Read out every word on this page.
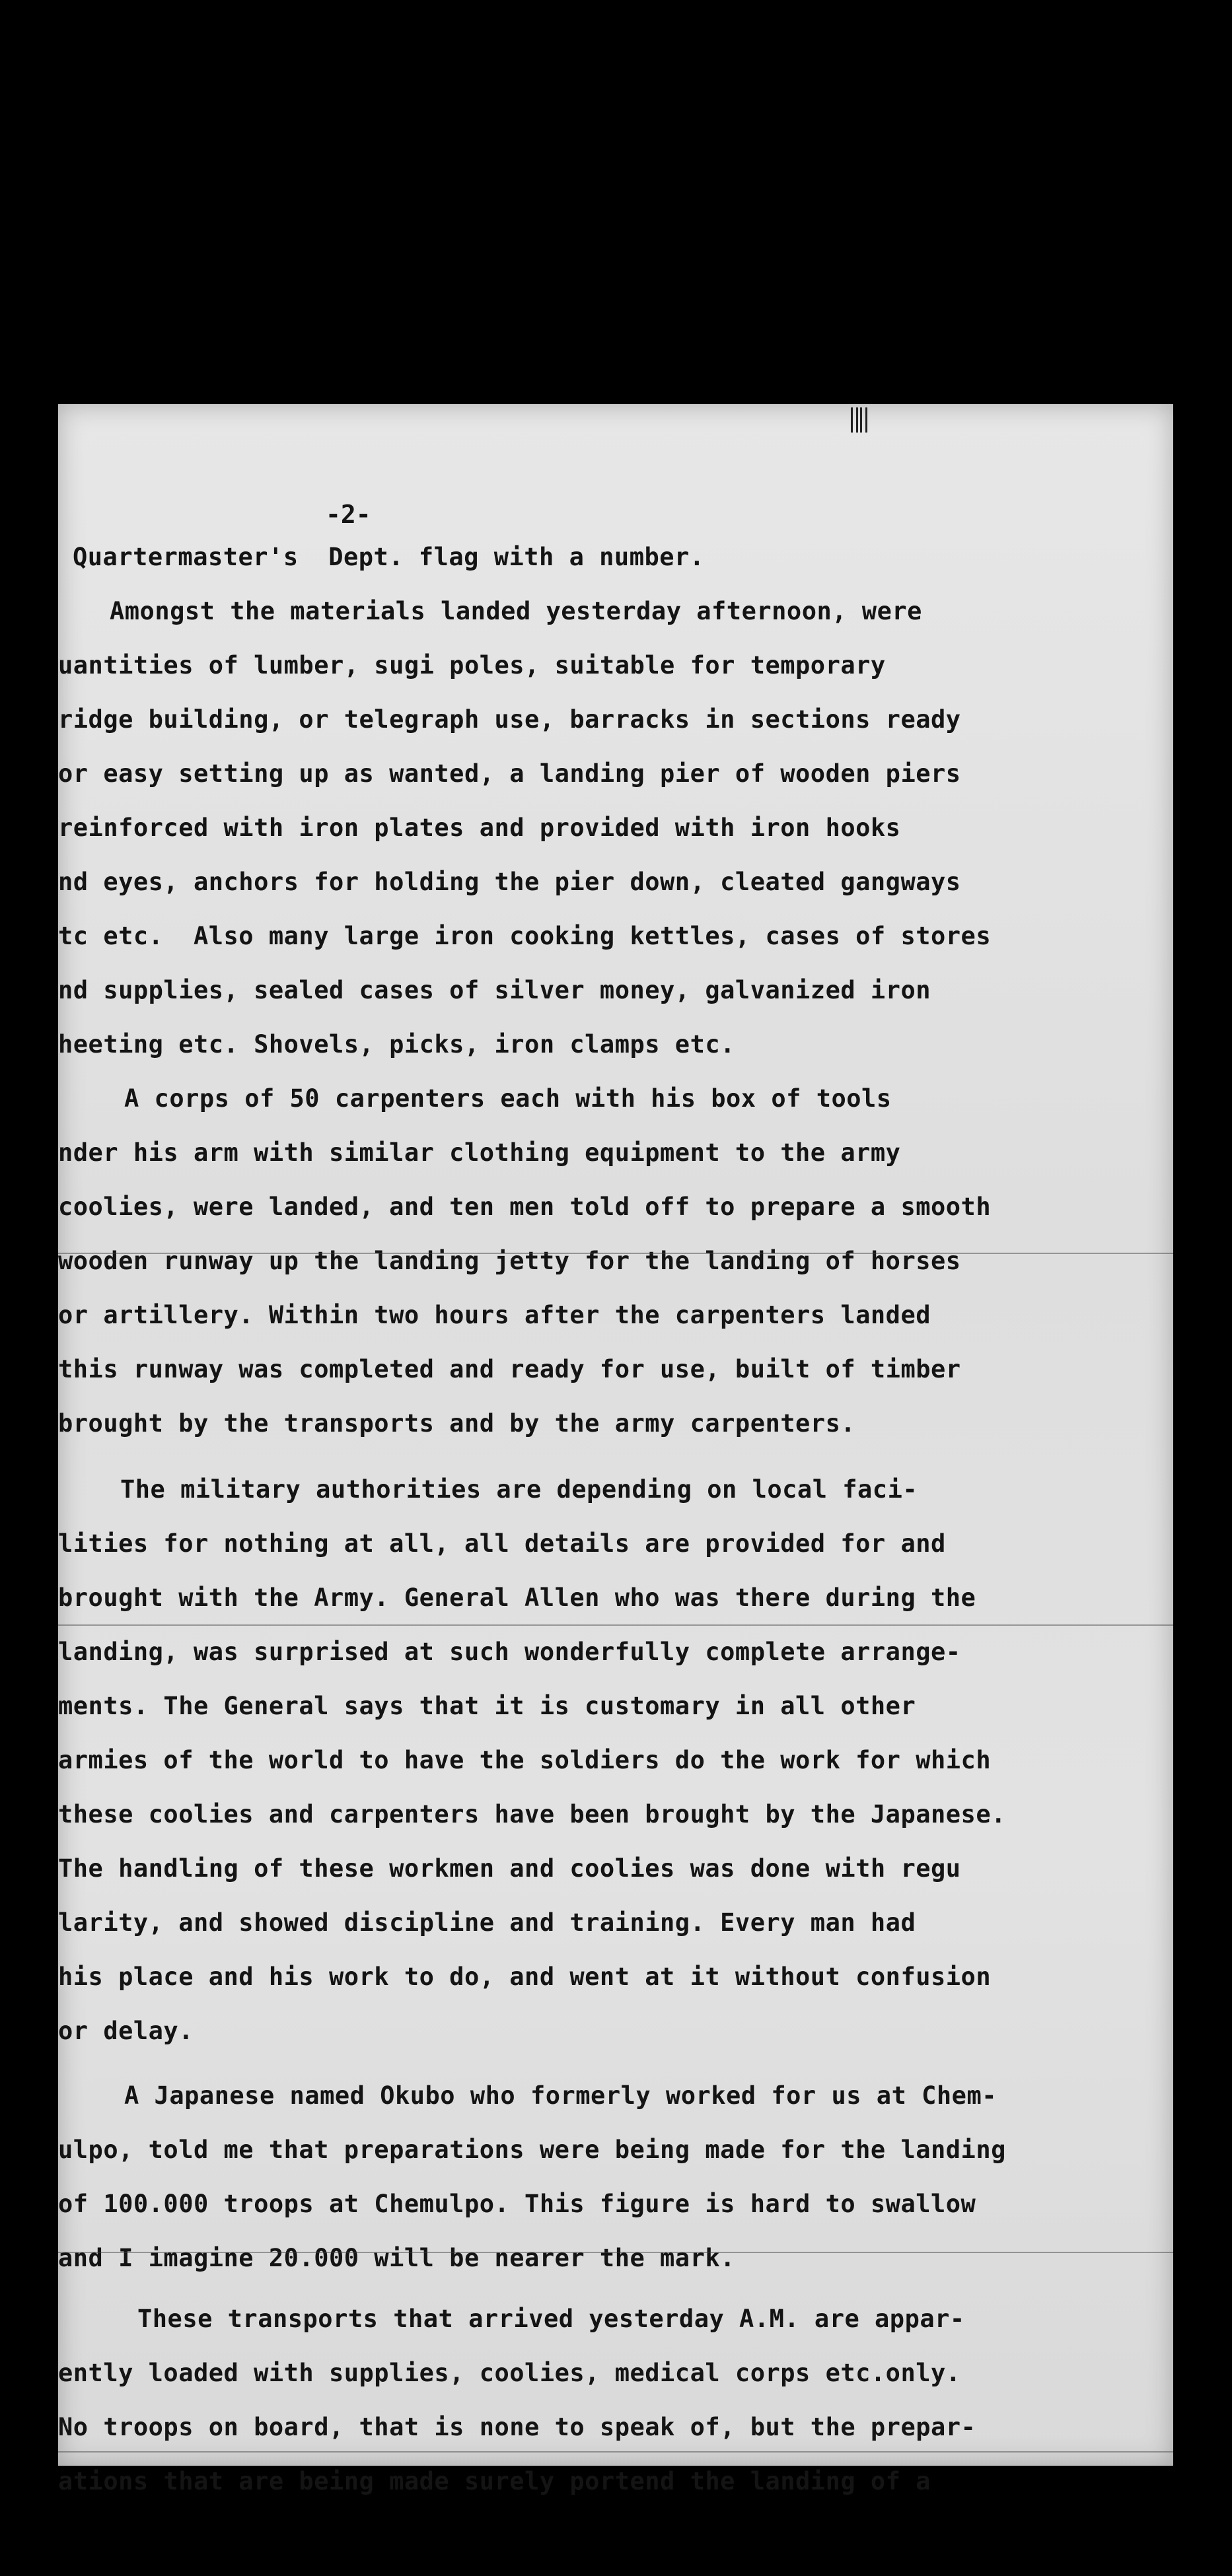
-2-

Quartermaster's  Dept. flag with a number.
Amongst the materials landed yesterday afternoon, were
uantities of lumber, sugi poles, suitable for temporary
ridge building, or telegraph use, barracks in sections ready
or easy setting up as wanted, a landing pier of wooden piers
reinforced with iron plates and provided with iron hooks
nd eyes, anchors for holding the pier down, cleated gangways
tc etc.  Also many large iron cooking kettles, cases of stores
nd supplies, sealed cases of silver money, galvanized iron
heeting etc. Shovels, picks, iron clamps etc.
A corps of 50 carpenters each with his box of tools
nder his arm with similar clothing equipment to the army
coolies, were landed, and ten men told off to prepare a smooth
wooden runway up the landing jetty for the landing of horses
or artillery. Within two hours after the carpenters landed
this runway was completed and ready for use, built of timber
brought by the transports and by the army carpenters.
The military authorities are depending on local faci-
lities for nothing at all, all details are provided for and
brought with the Army. General Allen who was there during the
landing, was surprised at such wonderfully complete arrange-
ments. The General says that it is customary in all other
armies of the world to have the soldiers do the work for which
these coolies and carpenters have been brought by the Japanese.
The handling of these workmen and coolies was done with regu
larity, and showed discipline and training. Every man had
his place and his work to do, and went at it without confusion
or delay.
A Japanese named Okubo who formerly worked for us at Chem-
ulpo, told me that preparations were being made for the landing
of 100.000 troops at Chemulpo. This figure is hard to swallow
and I imagine 20.000 will be nearer the mark.
These transports that arrived yesterday A.M. are appar-
ently loaded with supplies, coolies, medical corps etc.only.
No troops on board, that is none to speak of, but the prepar-
ations that are being made surely portend the landing of a
